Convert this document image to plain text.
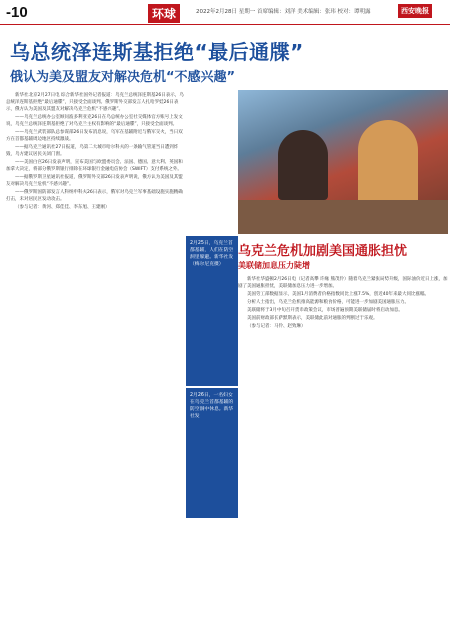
-10	环球	2022年2月28日 星期一 首席编辑：刘洋 美术编辑：张玮 校对：谭明露	西安晚报
乌总统泽连斯基拒绝“最后通牒”
俄认为美及盟友对解决危机“不感兴趣”

新华社北京2月27日电 综合新华社国外记者报道：乌克兰总统泽连斯基26日表示，乌总统泽连斯基拒绝“最后通牒”，只接受全面谈判。俄罗斯外交部发言人扎哈罗娃26日表示，俄方认为美国及其盟友对解决乌克兰危机“不感兴趣”。

——乌克兰总统办公室顾问波多利亚克26日在乌总统办公室社交媒体官方账号上发文说，乌克兰总统泽连斯基拒绝了对乌克兰主权有影响的“最后通牒”，只接受全面谈判。

——乌克兰武装部队总参谋部26日发布消息说，乌军在基辅附近与俄军交火，当日双方在首都基辅周边地区持续激战。

——据乌克兰通讯社27日报道，乌第二大城市哈尔科夫的一条输气管道当日遭到炸毁，乌方建议居民关闭门窗。

——美国白宫26日发表声明，宣布美国与欧盟委员会、法国、德国、意大利、英国和加拿大决定，将部分俄罗斯银行排除在环球银行金融电信协会（SWIFT）支付系统之外。

——据俄罗斯卫星通讯社报道，俄罗斯外交部26日发表声明说，俄方认为美国及其盟友对解决乌克兰危机“不感兴趣”。

——俄罗斯国防部发言人科纳申科夫26日表示，俄军对乌克兰军事基础设施实施精确打击，未对居民区发动攻击。

（参与记者：黄河、郑佳佳、李东旭、王建刚）

2月25日，乌克兰首都基辅，人们在防空洞里躲避。新华社发（梅尔尼克摄）
2月26日，一名妇女在乌克兰首都基辅的防空洞中休息。新华社发
乌克兰危机加剧美国通胀担忧
美联储加息压力陡增

新华社华盛顿2月26日电（记者高攀 许缘 熊茂伶）随着乌克兰紧张局势升级，国际油价近日上涨，加剧了美国通胀担忧，美联储加息压力进一步增加。

美国劳工部数据显示，美国1月消费者价格指数同比上涨7.5%，创近40年来最大同比涨幅。

分析人士指出，乌克兰危机推高能源和粮食价格，可能进一步加剧美国通胀压力。

美联储将于3月中旬召开货币政策会议，市场普遍预期美联储届时将启动加息。

美国前财政部长萨默斯表示，美联储此前对通胀的判断过于乐观。

（参与记者：马伶、赵致琳）
